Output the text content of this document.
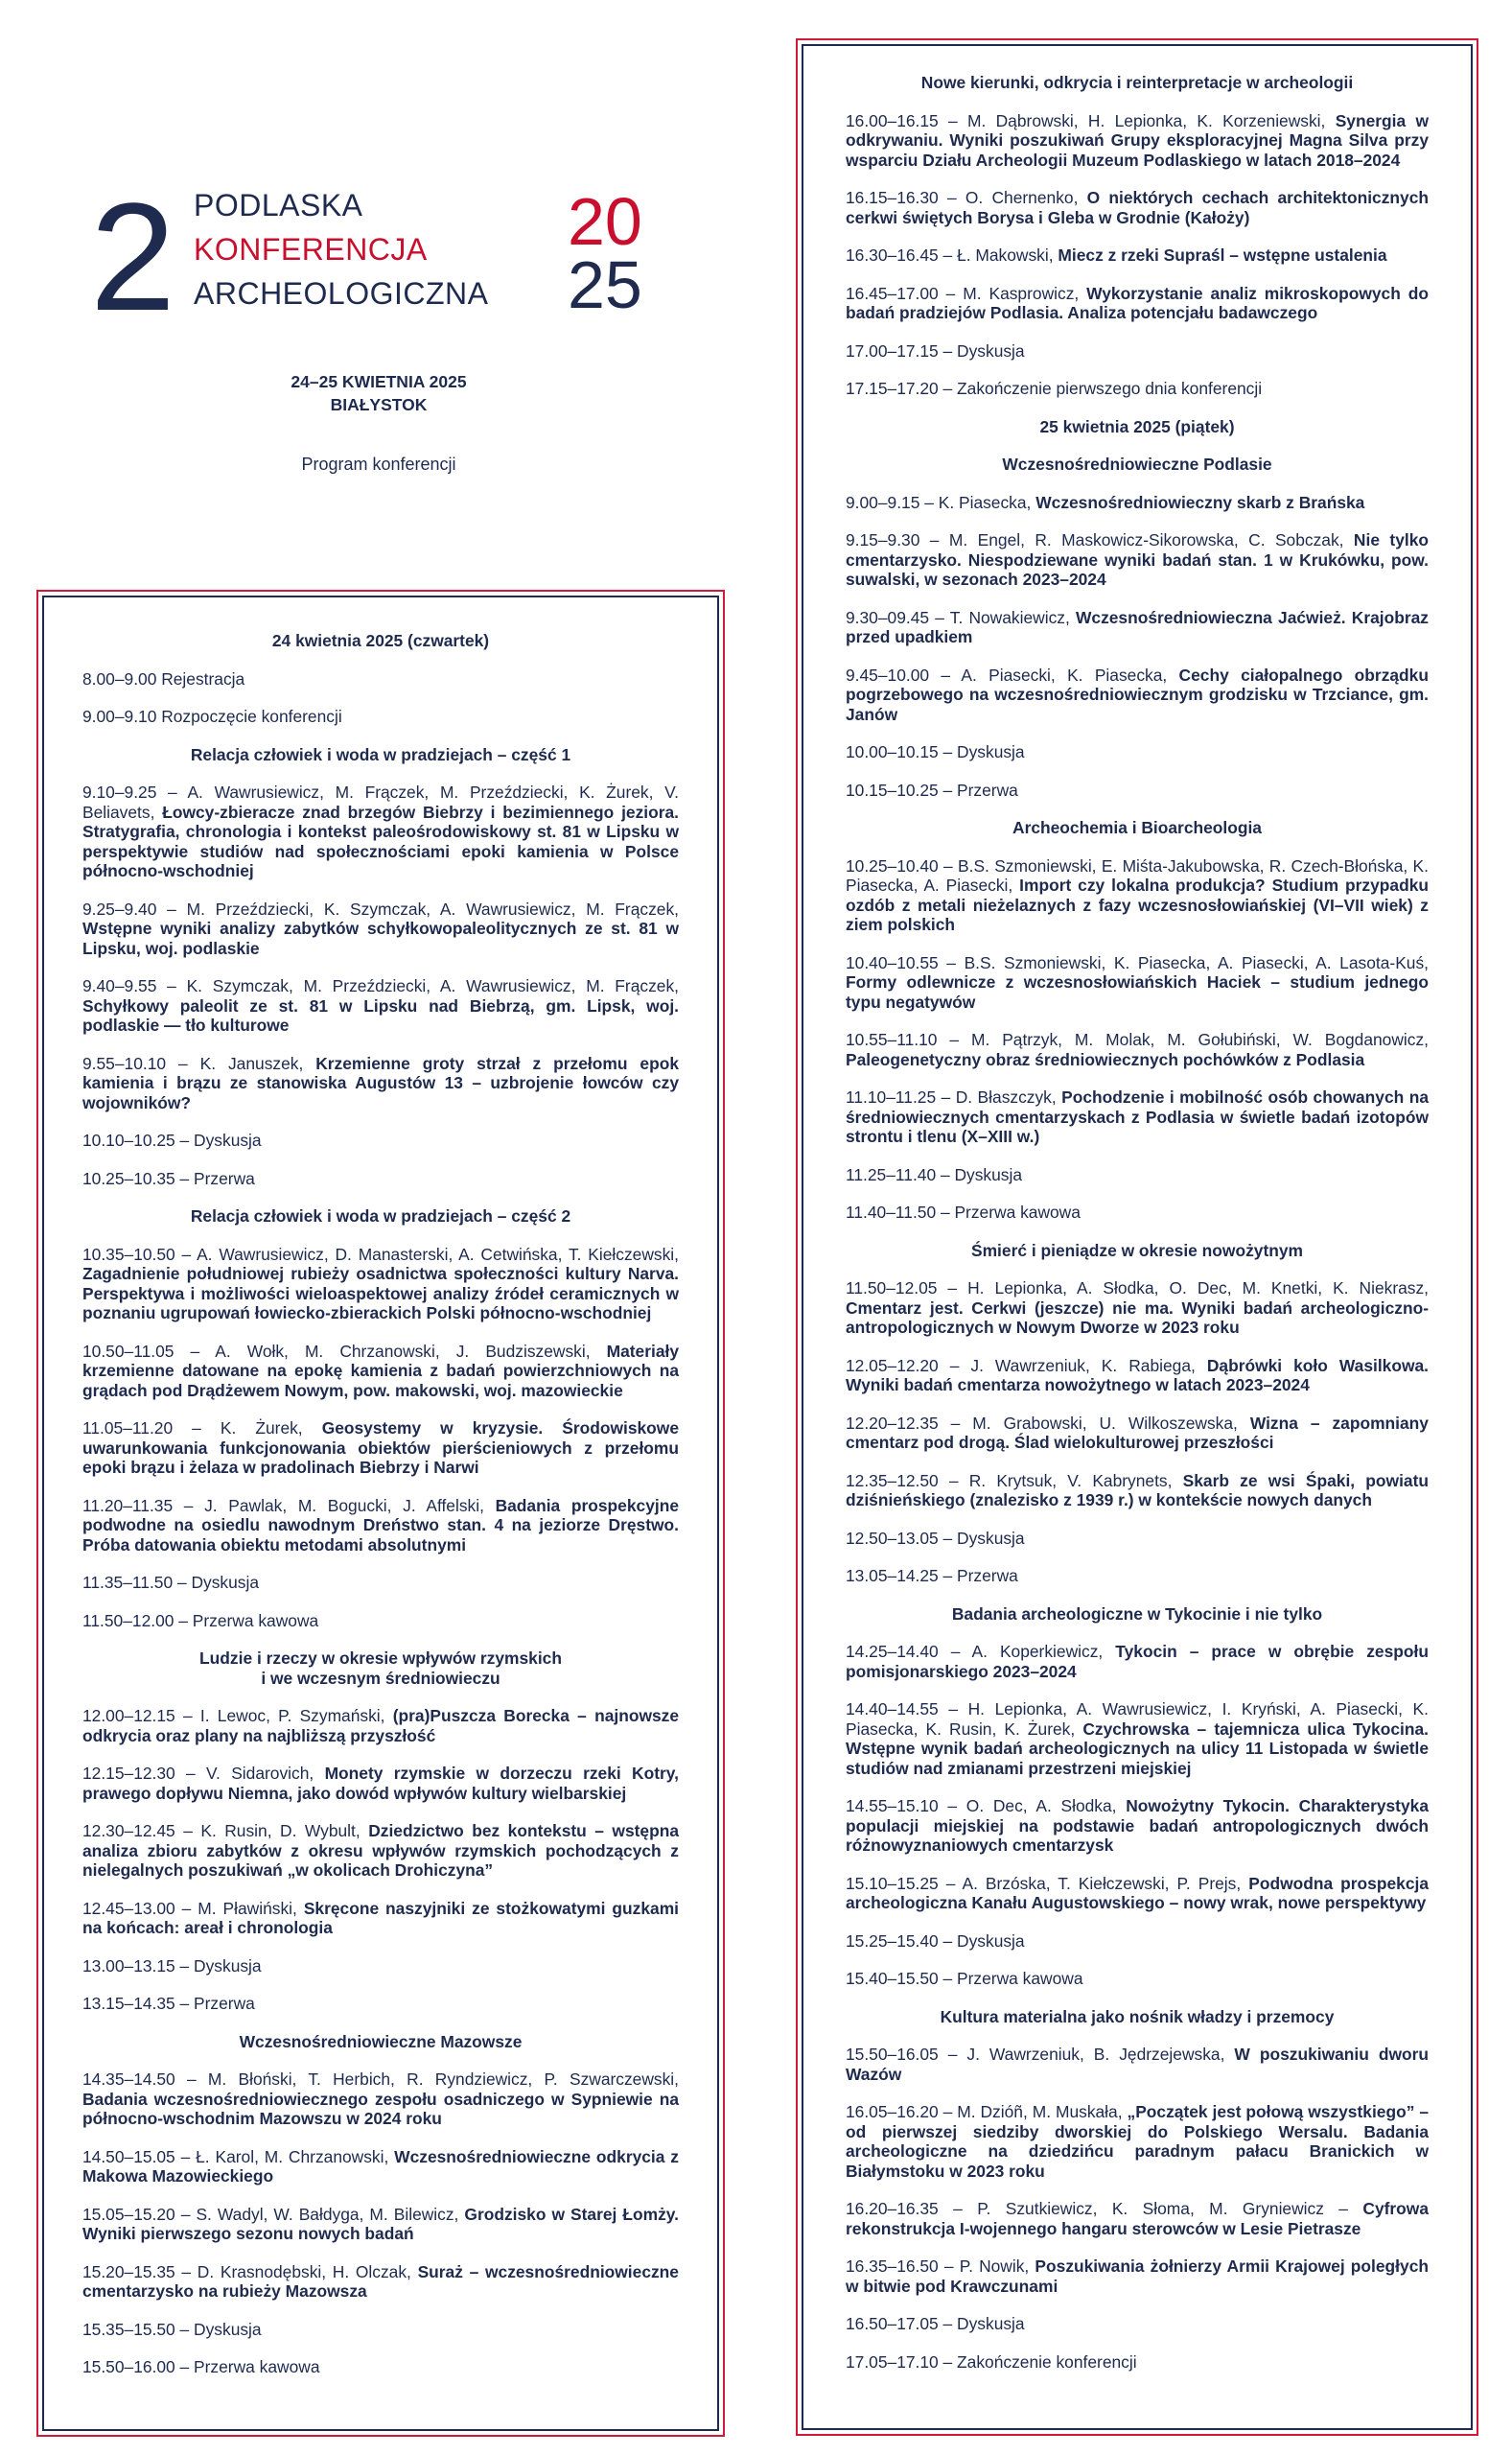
2 PODLASKA
KONFERENCJA
ARCHEOLOGICZNA
20
25
24–25 KWIETNIA 2025
BIAŁYSTOK
Program konferencji
24 kwietnia 2025 (czwartek)
8.00–9.00 Rejestracja
9.00–9.10 Rozpoczęcie konferencji
Relacja człowiek i woda w pradziejach – część 1
9.10–9.25 – A. Wawrusiewicz, M. Frączek, M. Przeździecki, K. Żurek, V. Beliavets, Łowcy-zbieracze znad brzegów Biebrzy i bezimiennego jeziora. Stratygrafia, chronologia i kontekst paleośrodowiskowy st. 81 w Lipsku w perspektywie studiów nad społecznościami epoki kamienia w Polsce północno-wschodniej
9.25–9.40 – M. Przeździecki, K. Szymczak, A. Wawrusiewicz, M. Frączek, Wstępne wyniki analizy zabytków schyłkowopaleolitycznych ze st. 81 w Lipsku, woj. podlaskie
9.40–9.55 – K. Szymczak, M. Przeździecki, A. Wawrusiewicz, M. Frączek, Schyłkowy paleolit ze st. 81 w Lipsku nad Biebrzą, gm. Lipsk, woj. podlaskie — tło kulturowe
9.55–10.10 – K. Januszek, Krzemienne groty strzał z przełomu epok kamienia i brązu ze stanowiska Augustów 13 – uzbrojenie łowców czy wojowników?
10.10–10.25 – Dyskusja
10.25–10.35 – Przerwa
Relacja człowiek i woda w pradziejach – część 2
10.35–10.50 – A. Wawrusiewicz, D. Manasterski, A. Cetwińska, T. Kiełczewski, Zagadnienie południowej rubieży osadnictwa społeczności kultury Narva. Perspektywa i możliwości wieloaspektowej analizy źródeł ceramicznych w poznaniu ugrupowań łowiecko-zbierackich Polski północno-wschodniej
10.50–11.05 – A. Wołk, M. Chrzanowski, J. Budziszewski, Materiały krzemienne datowane na epokę kamienia z badań powierzchniowych na grądach pod Drądżewem Nowym, pow. makowski, woj. mazowieckie
11.05–11.20 – K. Żurek, Geosystemy w kryzysie. Środowiskowe uwarunkowania funkcjonowania obiektów pierścieniowych z przełomu epoki brązu i żelaza w pradolinach Biebrzy i Narwi
11.20–11.35 – J. Pawlak, M. Bogucki, J. Affelski, Badania prospekcyjne podwodne na osiedlu nawodnym Dreństwo stan. 4 na jeziorze Dręstwo. Próba datowania obiektu metodami absolutnymi
11.35–11.50 – Dyskusja
11.50–12.00 – Przerwa kawowa
Ludzie i rzeczy w okresie wpływów rzymskich
i we wczesnym średniowieczu
12.00–12.15 – I. Lewoc, P. Szymański, (pra)Puszcza Borecka – najnowsze odkrycia oraz plany na najbliższą przyszłość
12.15–12.30 – V. Sidarovich, Monety rzymskie w dorzeczu rzeki Kotry, prawego dopływu Niemna, jako dowód wpływów kultury wielbarskiej
12.30–12.45 – K. Rusin, D. Wybult, Dziedzictwo bez kontekstu – wstępna analiza zbioru zabytków z okresu wpływów rzymskich pochodzących z nielegalnych poszukiwań „w okolicach Drohiczyna”
12.45–13.00 – M. Pławiński, Skręcone naszyjniki ze stożkowatymi guzkami na końcach: areał i chronologia
13.00–13.15 – Dyskusja
13.15–14.35 – Przerwa
Wczesnośredniowieczne Mazowsze
14.35–14.50 – M. Błoński, T. Herbich, R. Ryndziewicz, P. Szwarczewski, Badania wczesnośredniowiecznego zespołu osadniczego w Sypniewie na północno-wschodnim Mazowszu w 2024 roku
14.50–15.05 – Ł. Karol, M. Chrzanowski, Wczesnośredniowieczne odkrycia z Makowa Mazowieckiego
15.05–15.20 – S. Wadyl, W. Bałdyga, M. Bilewicz, Grodzisko w Starej Łomży. Wyniki pierwszego sezonu nowych badań
15.20–15.35 – D. Krasnodębski, H. Olczak, Suraż – wczesnośredniowieczne cmentarzysko na rubieży Mazowsza
15.35–15.50 – Dyskusja
15.50–16.00 – Przerwa kawowa
Nowe kierunki, odkrycia i reinterpretacje w archeologii
16.00–16.15 – M. Dąbrowski, H. Lepionka, K. Korzeniewski, Synergia w odkrywaniu. Wyniki poszukiwań Grupy eksploracyjnej Magna Silva przy wsparciu Działu Archeologii Muzeum Podlaskiego w latach 2018–2024
16.15–16.30 – O. Chernenko, O niektórych cechach architektonicznych cerkwi świętych Borysa i Gleba w Grodnie (Kałoży)
16.30–16.45 – Ł. Makowski, Miecz z rzeki Supraśl – wstępne ustalenia
16.45–17.00 – M. Kasprowicz, Wykorzystanie analiz mikroskopowych do badań pradziejów Podlasia. Analiza potencjału badawczego
17.00–17.15 – Dyskusja
17.15–17.20 – Zakończenie pierwszego dnia konferencji
25 kwietnia 2025 (piątek)
Wczesnośredniowieczne Podlasie
9.00–9.15 – K. Piasecka, Wczesnośredniowieczny skarb z Brańska
9.15–9.30 – M. Engel, R. Maskowicz-Sikorowska, C. Sobczak, Nie tylko cmentarzysko. Niespodziewane wyniki badań stan. 1 w Krukówku, pow. suwalski, w sezonach 2023–2024
9.30–09.45 – T. Nowakiewicz, Wczesnośredniowieczna Jaćwież. Krajobraz przed upadkiem
9.45–10.00 – A. Piasecki, K. Piasecka, Cechy ciałopalnego obrządku pogrzebowego na wczesnośredniowiecznym grodzisku w Trzciance, gm. Janów
10.00–10.15 – Dyskusja
10.15–10.25 – Przerwa
Archeochemia i Bioarcheologia
10.25–10.40 – B.S. Szmoniewski, E. Miśta-Jakubowska, R. Czech-Błońska, K. Piasecka, A. Piasecki, Import czy lokalna produkcja? Studium przypadku ozdób z metali nieżelaznych z fazy wczesnosłowiańskiej (VI–VII wiek) z ziem polskich
10.40–10.55 – B.S. Szmoniewski, K. Piasecka, A. Piasecki, A. Lasota-Kuś, Formy odlewnicze z wczesnosłowiańskich Haciek – studium jednego typu negatywów
10.55–11.10 – M. Pątrzyk, M. Molak, M. Gołubiński, W. Bogdanowicz, Paleogenetyczny obraz średniowiecznych pochówków z Podlasia
11.10–11.25 – D. Błaszczyk, Pochodzenie i mobilność osób chowanych na średniowiecznych cmentarzyskach z Podlasia w świetle badań izotopów strontu i tlenu (X–XIII w.)
11.25–11.40 – Dyskusja
11.40–11.50 – Przerwa kawowa
Śmierć i pieniądze w okresie nowożytnym
11.50–12.05 – H. Lepionka, A. Słodka, O. Dec, M. Knetki, K. Niekrasz, Cmentarz jest. Cerkwi (jeszcze) nie ma. Wyniki badań archeologiczno-antropologicznych w Nowym Dworze w 2023 roku
12.05–12.20 – J. Wawrzeniuk, K. Rabiega, Dąbrówki koło Wasilkowa. Wyniki badań cmentarza nowożytnego w latach 2023–2024
12.20–12.35 – M. Grabowski, U. Wilkoszewska, Wizna – zapomniany cmentarz pod drogą. Ślad wielokulturowej przeszłości
12.35–12.50 – R. Krytsuk, V. Kabrynets, Skarb ze wsi Śpaki, powiatu dziśnieńskiego (znalezisko z 1939 r.) w kontekście nowych danych
12.50–13.05 – Dyskusja
13.05–14.25 – Przerwa
Badania archeologiczne w Tykocinie i nie tylko
14.25–14.40 – A. Koperkiewicz, Tykocin – prace w obrębie zespołu pomisjonarskiego 2023–2024
14.40–14.55 – H. Lepionka, A. Wawrusiewicz, I. Kryński, A. Piasecki, K. Piasecka, K. Rusin, K. Żurek, Czychrowska – tajemnicza ulica Tykocina. Wstępne wynik badań archeologicznych na ulicy 11 Listopada w świetle studiów nad zmianami przestrzeni miejskiej
14.55–15.10 – O. Dec, A. Słodka, Nowożytny Tykocin. Charakterystyka populacji miejskiej na podstawie badań antropologicznych dwóch różnowyznaniowych cmentarzysk
15.10–15.25 – A. Brzóska, T. Kiełczewski, P. Prejs, Podwodna prospekcja archeologiczna Kanału Augustowskiego – nowy wrak, nowe perspektywy
15.25–15.40 – Dyskusja
15.40–15.50 – Przerwa kawowa
Kultura materialna jako nośnik władzy i przemocy
15.50–16.05 – J. Wawrzeniuk, B. Jędrzejewska, W poszukiwaniu dworu Wazów
16.05–16.20 – M. Dzióñ, M. Muskała, „Początek jest połową wszystkiego” – od pierwszej siedziby dworskiej do Polskiego Wersalu. Badania archeologiczne na dziedzińcu paradnym pałacu Branickich w Białymstoku w 2023 roku
16.20–16.35 – P. Szutkiewicz, K. Słoma, M. Gryniewicz – Cyfrowa rekonstrukcja I-wojennego hangaru sterowców w Lesie Pietrasze
16.35–16.50 – P. Nowik, Poszukiwania żołnierzy Armii Krajowej poległych w bitwie pod Krawczunami
16.50–17.05 – Dyskusja
17.05–17.10 – Zakończenie konferencji
